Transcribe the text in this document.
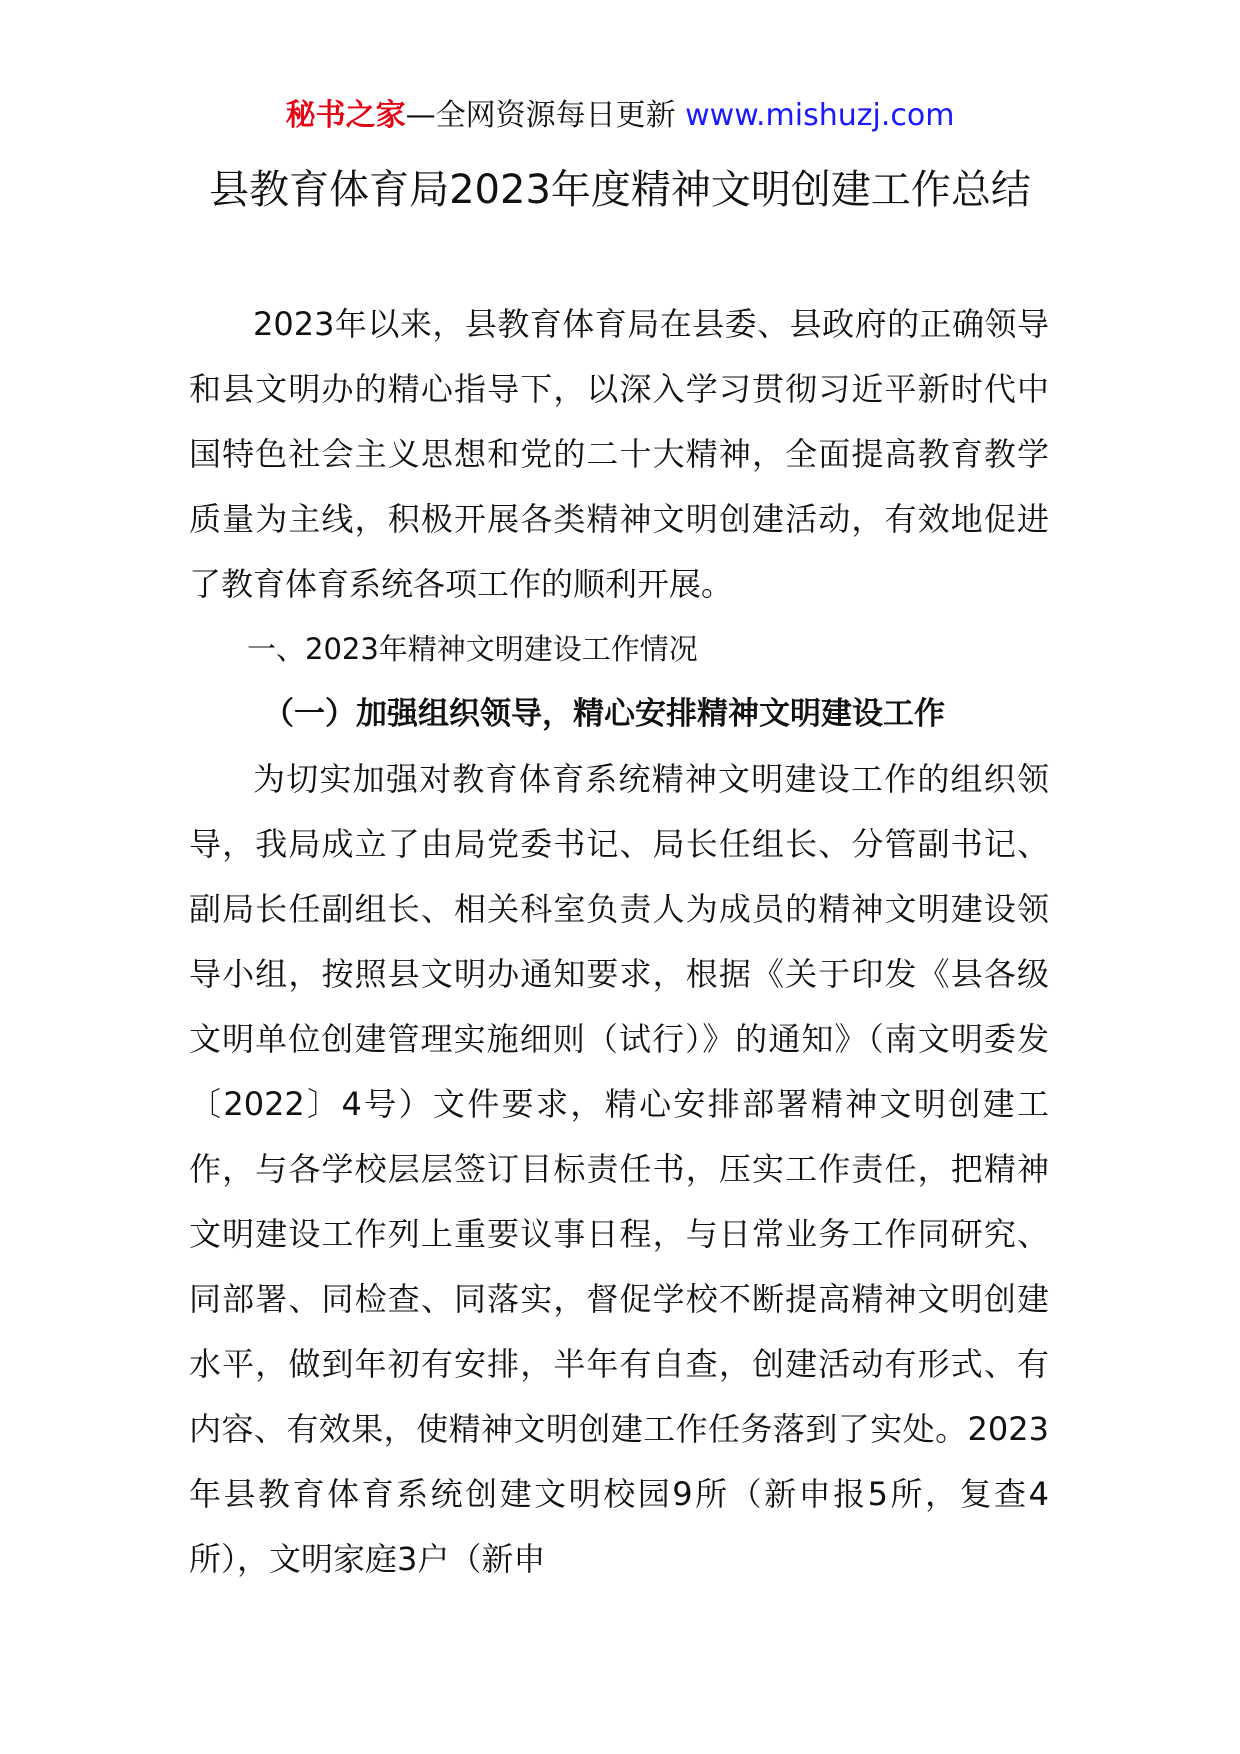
秘书之家—全网资源每日更新 www.mishuzj.com
县教育体育局2023年度精神文明创建工作总结

2023年以来，县教育体育局在县委、县政府的正确领导和县文明办的精心指导下，以深入学习贯彻习近平新时代中国特色社会主义思想和党的二十大精神，全面提高教育教学质量为主线，积极开展各类精神文明创建活动，有效地促进了教育体育系统各项工作的顺利开展。

一、2023年精神文明建设工作情况

（一）加强组织领导，精心安排精神文明建设工作

为切实加强对教育体育系统精神文明建设工作的组织领导，我局成立了由局党委书记、局长任组长、分管副书记、副局长任副组长、相关科室负责人为成员的精神文明建设领导小组，按照县文明办通知要求，根据《关于印发《县各级文明单位创建管理实施细则（试行）》的通知》（南文明委发〔2022〕4号）文件要求，精心安排部署精神文明创建工作，与各学校层层签订目标责任书，压实工作责任，把精神文明建设工作列上重要议事日程，与日常业务工作同研究、同部署、同检查、同落实，督促学校不断提高精神文明创建水平，做到年初有安排，半年有自查，创建活动有形式、有内容、有效果，使精神文明创建工作任务落到了实处。2023年县教育体育系统创建文明校园9所（新申报5所，复查4所），文明家庭3户（新申
